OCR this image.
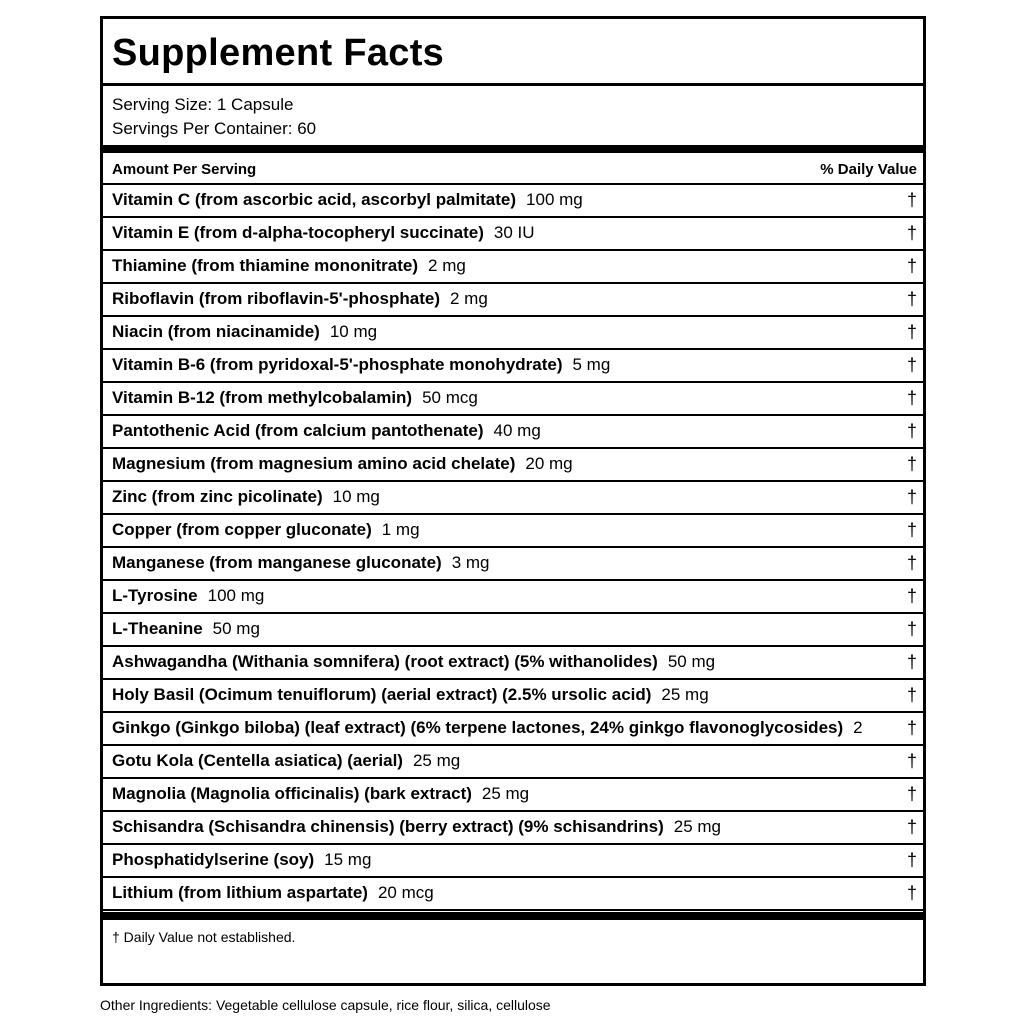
Supplement Facts
Serving Size: 1 Capsule
Servings Per Container: 60
Amount Per Serving	% Daily Value
Vitamin C (from ascorbic acid, ascorbyl palmitate) 100 mg	†
Vitamin E (from d-alpha-tocopheryl succinate) 30 IU	†
Thiamine (from thiamine mononitrate) 2 mg	†
Riboflavin (from riboflavin-5'-phosphate) 2 mg	†
Niacin (from niacinamide) 10 mg	†
Vitamin B-6 (from pyridoxal-5'-phosphate monohydrate) 5 mg	†
Vitamin B-12 (from methylcobalamin) 50 mcg	†
Pantothenic Acid (from calcium pantothenate) 40 mg	†
Magnesium (from magnesium amino acid chelate) 20 mg	†
Zinc (from zinc picolinate) 10 mg	†
Copper (from copper gluconate) 1 mg	†
Manganese (from manganese gluconate) 3 mg	†
L-Tyrosine 100 mg	†
L-Theanine 50 mg	†
Ashwagandha (Withania somnifera) (root extract) (5% withanolides) 50 mg	†
Holy Basil (Ocimum tenuiflorum) (aerial extract) (2.5% ursolic acid) 25 mg	†
Ginkgo (Ginkgo biloba) (leaf extract) (6% terpene lactones, 24% ginkgo flavonoglycosides) 2 †
Gotu Kola (Centella asiatica) (aerial) 25 mg	†
Magnolia (Magnolia officinalis) (bark extract) 25 mg	†
Schisandra (Schisandra chinensis) (berry extract) (9% schisandrins) 25 mg	†
Phosphatidylserine (soy) 15 mg	†
Lithium (from lithium aspartate) 20 mcg	†
† Daily Value not established.
Other Ingredients: Vegetable cellulose capsule, rice flour, silica, cellulose
